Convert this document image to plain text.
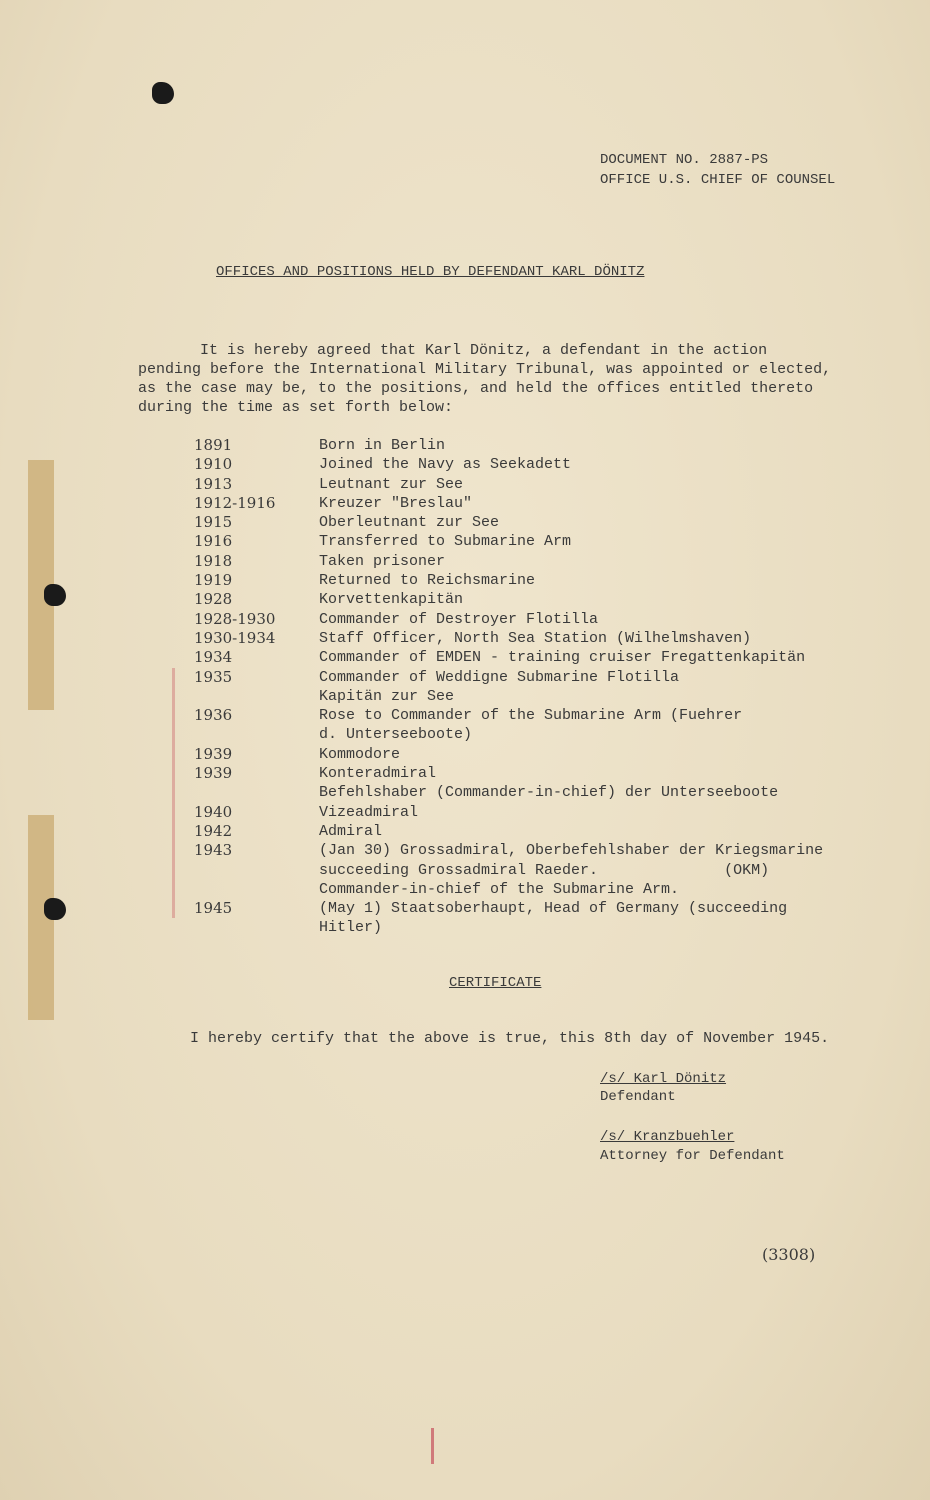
DOCUMENT NO. 2887-PS
OFFICE U.S. CHIEF OF COUNSEL
OFFICES AND POSITIONS HELD BY DEFENDANT KARL DÖNITZ
It is hereby agreed that Karl Dönitz, a defendant in the action
pending before the International Military Tribunal, was appointed or elected,
as the case may be, to the positions, and held the offices entitled thereto
during the time as set forth below:
1891	Born in Berlin
1910	Joined the Navy as Seekadett
1913	Leutnant zur See
1912-1916	Kreuzer "Breslau"
1915	Oberleutnant zur See
1916	Transferred to Submarine Arm
1918	Taken prisoner
1919	Returned to Reichsmarine
1928	Korvettenkapitän
1928-1930	Commander of Destroyer Flotilla
1930-1934	Staff Officer, North Sea Station (Wilhelmshaven)
1934	Commander of EMDEN - training cruiser Fregattenkapitän
1935	Commander of Weddigne Submarine Flotilla
Kapitän zur See
1936	Rose to Commander of the Submarine Arm (Fuehrer
d. Unterseeboote)
1939	Kommodore
1939	Konteradmiral
Befehlshaber (Commander-in-chief) der Unterseeboote
1940	Vizeadmiral
1942	Admiral
1943	(Jan 30) Grossadmiral, Oberbefehlshaber der Kriegsmarine
succeeding Grossadmiral Raeder.              (OKM)
Commander-in-chief of the Submarine Arm.
1945	(May 1) Staatsoberhaupt, Head of Germany (succeeding
Hitler)
CERTIFICATE
I hereby certify that the above is true, this 8th day of November 1945.
/s/ Karl Dönitz
Defendant
/s/ Kranzbuehler
Attorney for Defendant
(3308)
